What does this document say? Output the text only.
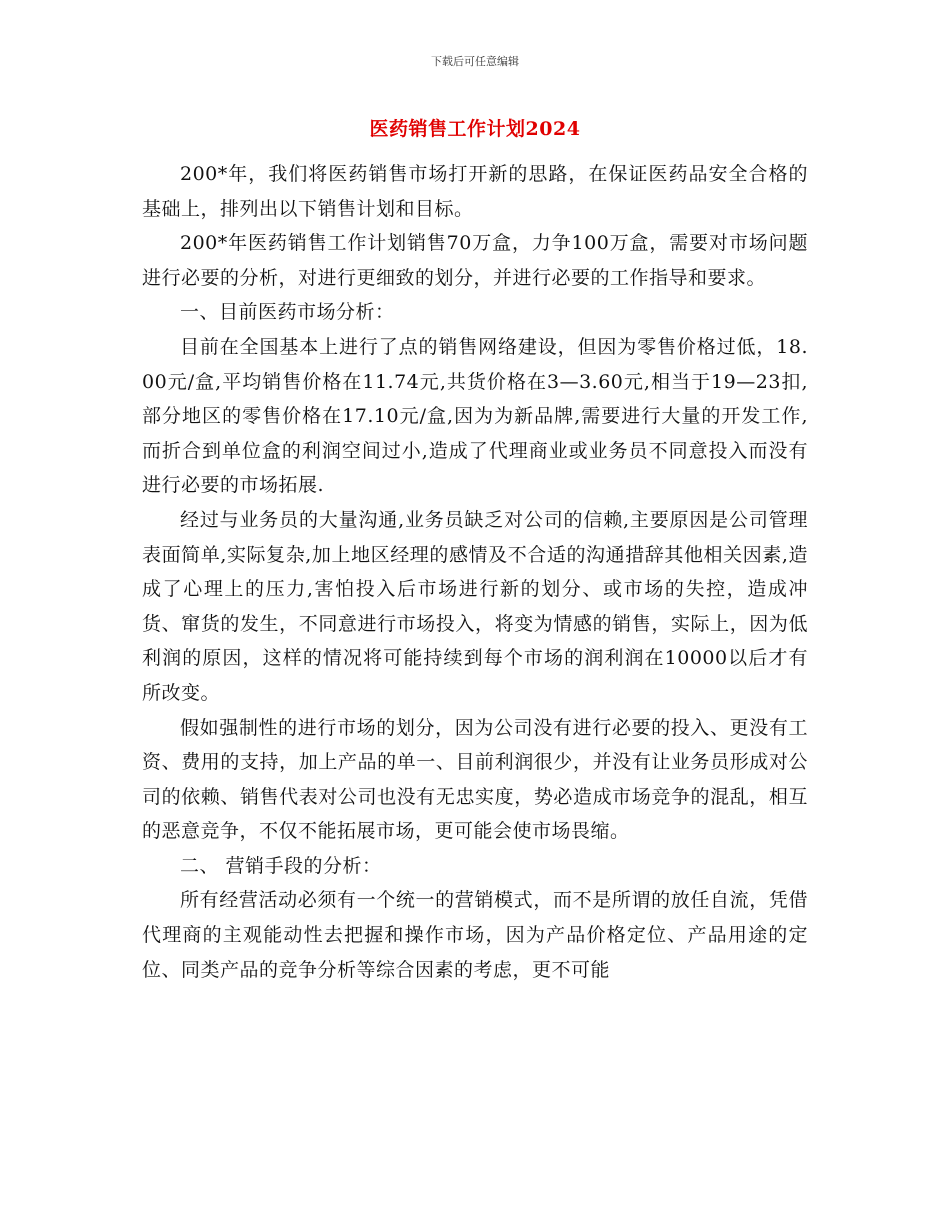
下载后可任意编辑
医药销售工作计划2024

200*年，我们将医药销售市场打开新的思路，在保证医药品安全合格的基础上，排列出以下销售计划和目标。

200*年医药销售工作计划销售70万盒，力争100万盒，需要对市场问题进行必要的分析，对进行更细致的划分，并进行必要的工作指导和要求。

一、目前医药市场分析：

目前在全国基本上进行了点的销售网络建设，但因为零售价格过低，18.00元/盒,平均销售价格在11.74元,共货价格在3—3.60元,相当于19—23扣,部分地区的零售价格在17.10元/盒,因为为新品牌,需要进行大量的开发工作,而折合到单位盒的利润空间过小,造成了代理商业或业务员不同意投入而没有进行必要的市场拓展.

经过与业务员的大量沟通,业务员缺乏对公司的信赖,主要原因是公司管理表面简单,实际复杂,加上地区经理的感情及不合适的沟通措辞其他相关因素,造成了心理上的压力,害怕投入后市场进行新的划分、或市场的失控，造成冲货、窜货的发生，不同意进行市场投入，将变为情感的销售，实际上，因为低利润的原因，这样的情况将可能持续到每个市场的润利润在10000以后才有所改变。

假如强制性的进行市场的划分，因为公司没有进行必要的投入、更没有工资、费用的支持，加上产品的单一、目前利润很少，并没有让业务员形成对公司的依赖、销售代表对公司也没有无忠实度，势必造成市场竞争的混乱，相互的恶意竞争，不仅不能拓展市场，更可能会使市场畏缩。

二、 营销手段的分析：

所有经营活动必须有一个统一的营销模式，而不是所谓的放任自流，凭借代理商的主观能动性去把握和操作市场，因为产品价格定位、产品用途的定位、同类产品的竞争分析等综合因素的考虑，更不可能
